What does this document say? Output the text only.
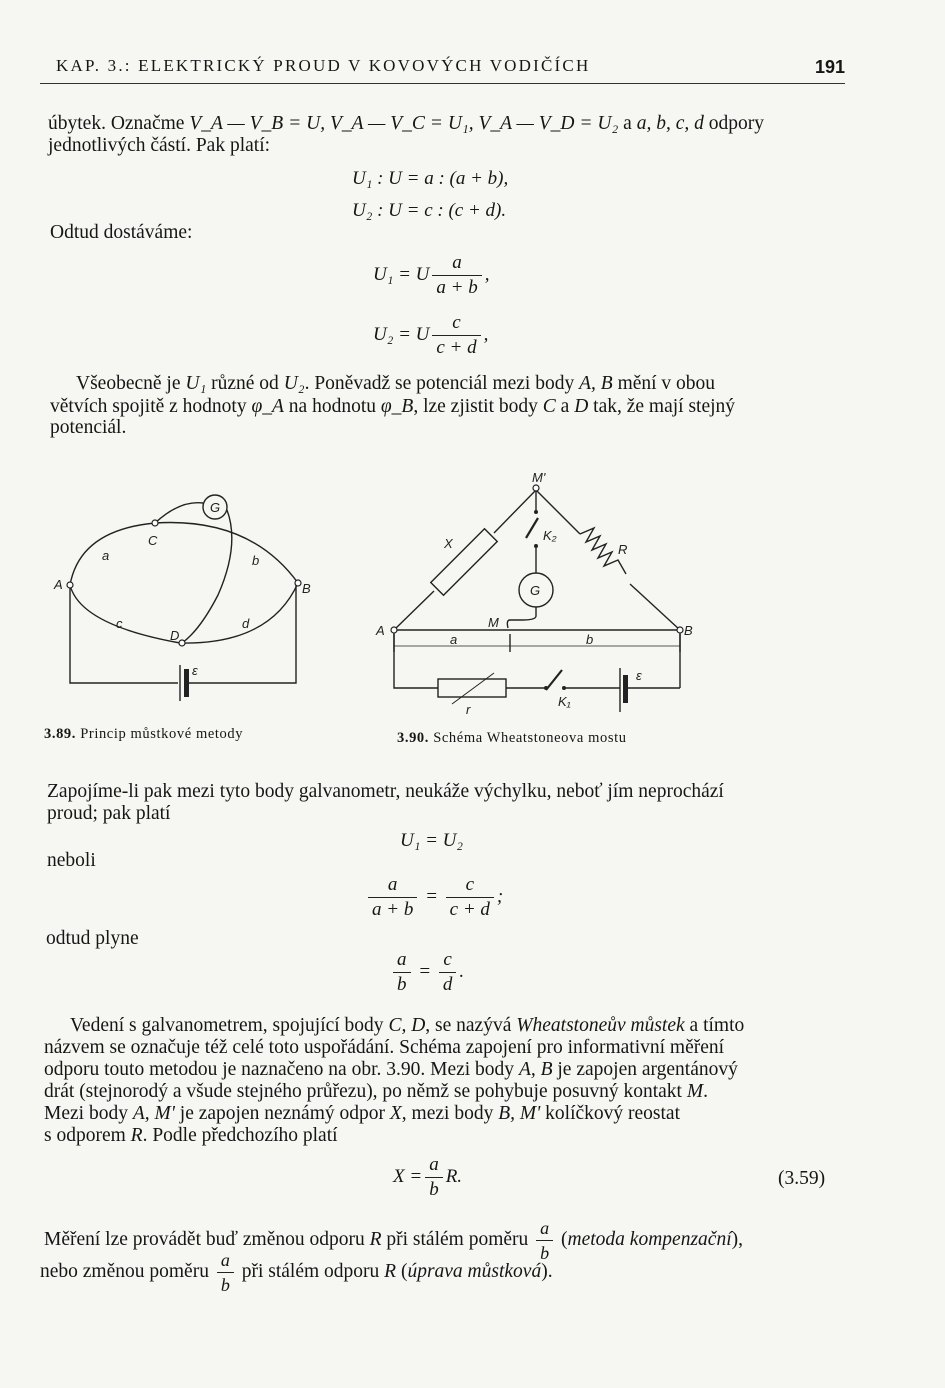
KAP. 3.: ELEKTRICKÝ PROUD V KOVOVÝCH VODIČÍCH	191
úbytek. Označme V_A — V_B = U, V_A — V_C = U₁, V_A — V_D = U₂ a a, b, c, d odpory
jednotlivých částí. Pak platí:
U₁ : U = a : (a + b),
U₂ : U = c : (c + d).
Odtud dostáváme:
U₁ = U $\frac{a}{a + b}$ ,
U₂ = U $\frac{c}{c + d}$ ,
Všeobecně je U₁ různé od U₂. Poněvadž se potenciál mezi body A, B mění v obou
větvích spojitě z hodnoty φ_A na hodnotu φ_B, lze zjistit body C a D tak, že mají stejný
potenciál.
G
C
a	b
A	B
c
D
d
ε
3.89. Princip můstkové metody
M'
K₂
X	R
G
A
M
B
a	b
r
K₁
ε
3.90. Schéma Wheatstoneova mostu
Zapojíme-li pak mezi tyto body galvanometr, neukáže výchylku, neboť jím neprochází
proud; pak platí
U₁ = U₂
neboli
$\frac{a}{a + b} = \frac{c}{c + d}$ ;
odtud plyne
$\frac{a}{b} = \frac{c}{d}$ .
Vedení s galvanometrem, spojující body C, D, se nazývá Wheatstoneův můstek a tímto
názvem se označuje též celé toto uspořádání. Schéma zapojení pro informativní měření
odporu touto metodou je naznačeno na obr. 3.90. Mezi body A, B je zapojen argentánový
drát (stejnorodý a všude stejného průřezu), po němž se pohybuje posuvný kontakt M.
Mezi body A, M' je zapojen neznámý odpor X, mezi body B, M' kolíčkový reostat
s odporem R. Podle předchozího platí
$X = \frac{a}{b} R$.	(3.59)
Měření lze provádět buď změnou odporu R při stálém poměru $\frac{a}{b}$ (metoda kompenzační),
nebo změnou poměru $\frac{a}{b}$ při stálém odporu R (úprava můstková).
